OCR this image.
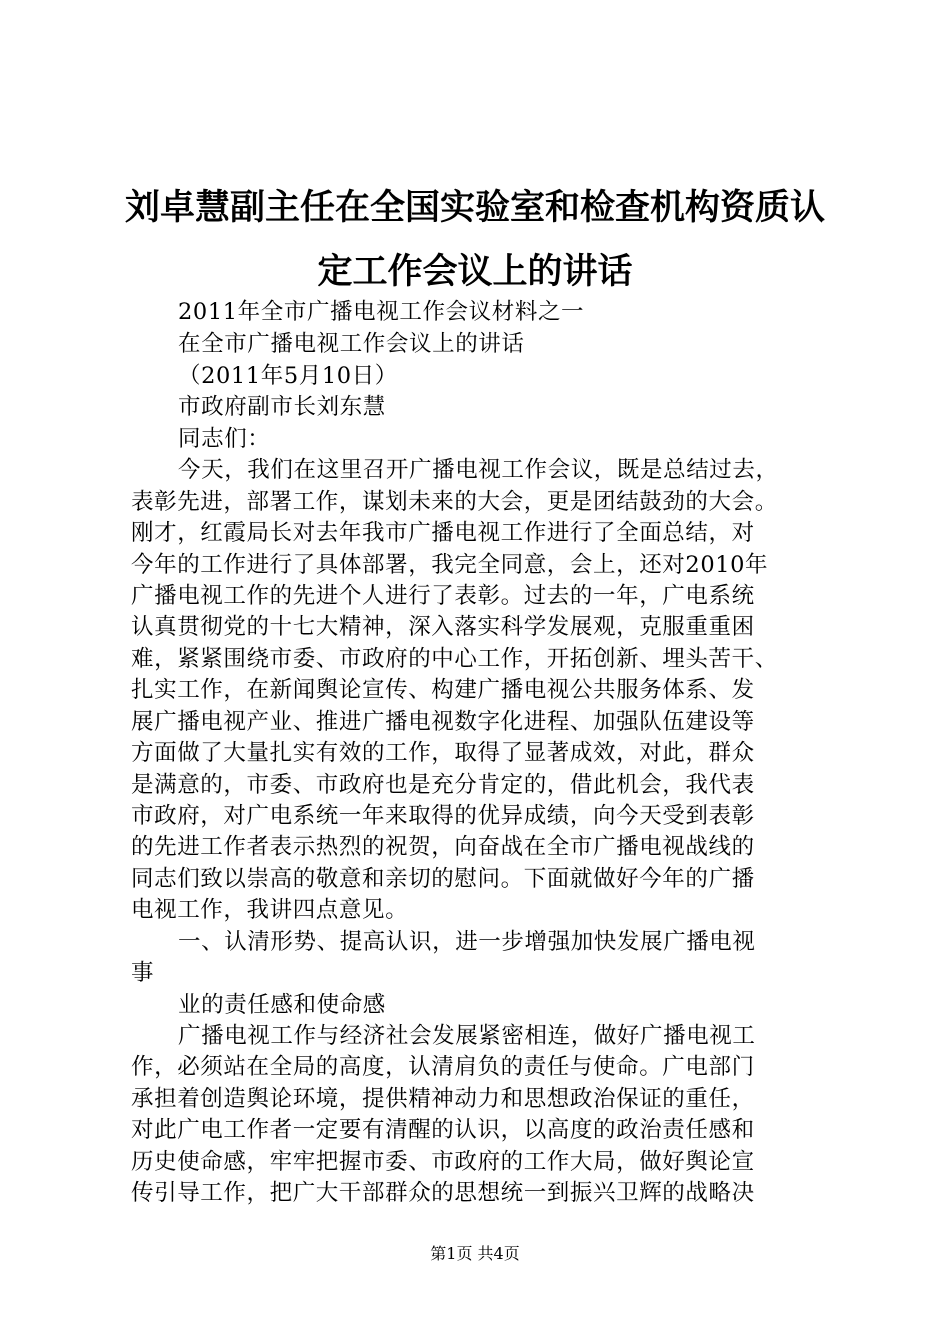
刘卓慧副主任在全国实验室和检查机构资质认
定工作会议上的讲话
2011年全市广播电视工作会议材料之一
在全市广播电视工作会议上的讲话
（2011年5月10日）
市政府副市长刘东慧
同志们：
今天，我们在这里召开广播电视工作会议，既是总结过去，
表彰先进，部署工作，谋划未来的大会，更是团结鼓劲的大会。
刚才，红霞局长对去年我市广播电视工作进行了全面总结，对
今年的工作进行了具体部署，我完全同意，会上，还对2010年
广播电视工作的先进个人进行了表彰。过去的一年，广电系统
认真贯彻党的十七大精神，深入落实科学发展观，克服重重困
难，紧紧围绕市委、市政府的中心工作，开拓创新、埋头苦干、
扎实工作，在新闻舆论宣传、构建广播电视公共服务体系、发
展广播电视产业、推进广播电视数字化进程、加强队伍建设等
方面做了大量扎实有效的工作，取得了显著成效，对此，群众
是满意的，市委、市政府也是充分肯定的，借此机会，我代表
市政府，对广电系统一年来取得的优异成绩，向今天受到表彰
的先进工作者表示热烈的祝贺，向奋战在全市广播电视战线的
同志们致以崇高的敬意和亲切的慰问。下面就做好今年的广播
电视工作，我讲四点意见。
一、认清形势、提高认识，进一步增强加快发展广播电视
事
业的责任感和使命感
广播电视工作与经济社会发展紧密相连，做好广播电视工
作，必须站在全局的高度，认清肩负的责任与使命。广电部门
承担着创造舆论环境，提供精神动力和思想政治保证的重任，
对此广电工作者一定要有清醒的认识，以高度的政治责任感和
历史使命感，牢牢把握市委、市政府的工作大局，做好舆论宣
传引导工作，把广大干部群众的思想统一到振兴卫辉的战略决
第1页 共4页
